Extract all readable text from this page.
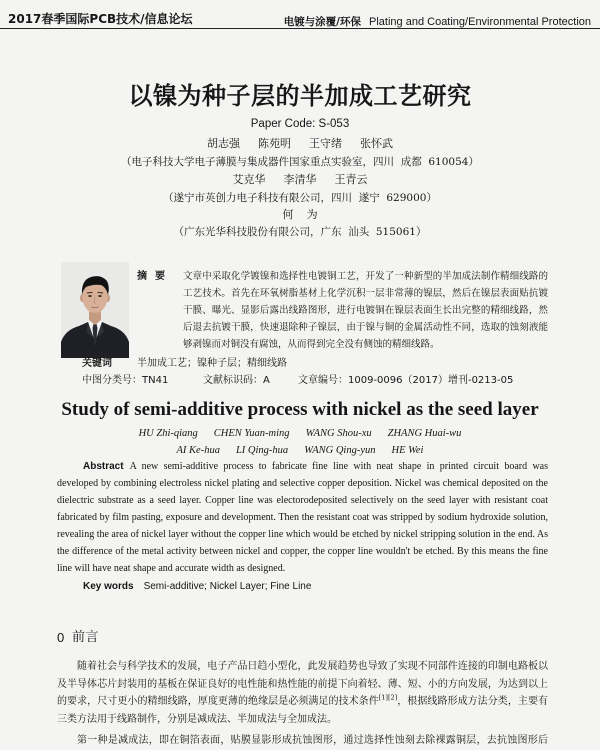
2017春季国际PCB技术/信息论坛	电镀与涂覆/环保 Plating and Coating/Environmental Protection
以镍为种子层的半加成工艺研究
Paper Code: S-053
胡志强 陈苑明 王守绪 张怀武
（电子科技大学电子薄膜与集成器件国家重点实验室，四川  成都  610054）
艾克华 李清华 王青云
（遂宁市英创力电子科技有限公司，四川  遂宁  629000）
何为
（广东光华科技股份有限公司，广东  汕头  515061）
摘要 文章中采取化学镀镍和选择性电镀铜工艺，开发了一种新型的半加成法制作精细线路的工艺技术。首先在环氧树脂基材上化学沉积一层非常薄的镍层，然后在镍层表面贴抗镀干膜、曝光、显影后露出线路图形，进行电镀铜在镍层表面生长出完整的精细线路，然后退去抗镀干膜，快速退除种子镍层，由于镍与铜的金属活动性不同，选取的蚀刻液能够剥镍而对铜没有腐蚀，从而得到完全没有侧蚀的精细线路。

关键词	半加成工艺；镍种子层；精细线路
中图分类号：TN41	文献标识码：A	文章编号：1009-0096（2017）增刊-0213-05
Study of semi-additive process with nickel as the seed layer
HU Zhi-qiang CHEN Yuan-ming WANG Shou-xu ZHANG Huai-wu
AI Ke-hua LI Qing-hua WANG Qing-yun HE Wei

Abstract A new semi-additive process to fabricate fine line with neat shape in printed circuit board was developed by combining electroless nickel plating and selective copper deposition. Nickel was chemical deposited on the dielectric substrate as a seed layer. Copper line was electorodeposited selectively on the seed layer with resistant coat fabricated by film pasting, exposure and development. Then the resistant coat was stripped by sodium hydroxide solution, revealing the area of nickel layer without the copper line which would be etched by nickel stripping solution in the end. As the difference of the metal activity between nickel and copper, the copper line wouldn't be etched. By this means the fine line will have neat shape and accurate width as designed.

Key words Semi-additive; Nickel Layer; Fine Line
0 前言

随着社会与科学技术的发展，电子产品日趋小型化，此发展趋势也导致了实现不同部件连接的印制电路板以及半导体芯片封装用的基板在保证良好的电性能和热性能的前提下向着轻、薄、短、小的方向发展，为达到以上的要求，尺寸更小的精细线路，厚度更薄的绝缘层是必须满足的技术条件[1][2]，根据线路形成方法分类，主要有三类方法用于线路制作，分别是减成法、半加成法与全加成法。

第一种是减成法，即在铜箔表面，贴膜显影形成抗蚀图形，通过选择性蚀刻去除裸露铜层，去抗蚀图形后
